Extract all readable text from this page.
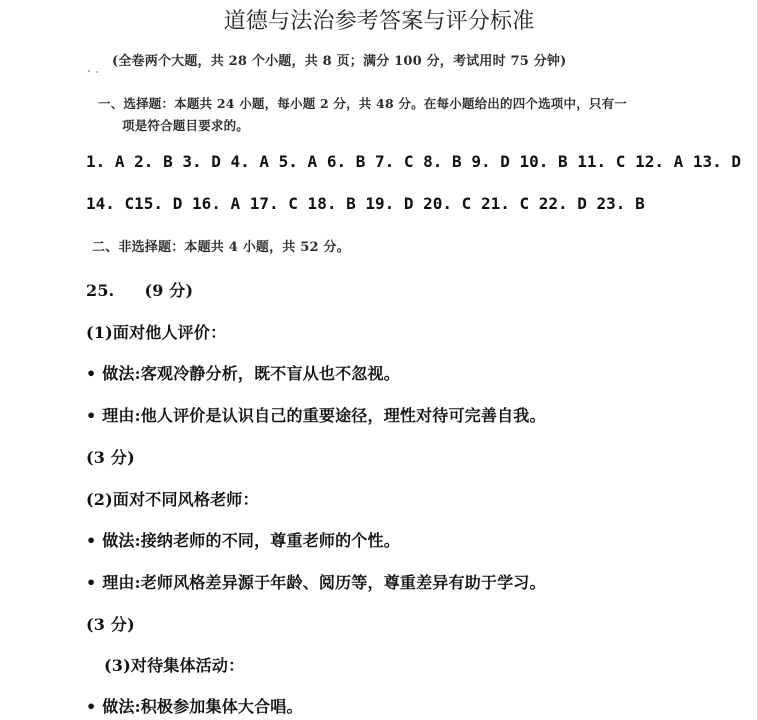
道德与法治参考答案与评分标准
(全卷两个大题，共 28 个小题，共 8 页；满分 100 分，考试用时 75 分钟)
一、选择题：本题共 24 小题，每小题 2 分，共 48 分。在每小题给出的四个选项中，只有一
项是符合题目要求的。
1. A 2. B 3. D 4. A 5. A 6. B 7. C 8. B 9. D 10. B 11. C 12. A 13. D
14. C15. D 16. A 17. C 18. B 19. D 20. C 21. C 22. D 23. B
二、非选择题：本题共 4 小题，共 52 分。
25. (9 分)
(1)面对他人评价：
• 做法:客观冷静分析，既不盲从也不忽视。
• 理由:他人评价是认识自己的重要途径，理性对待可完善自我。
(3 分)
(2)面对不同风格老师：
• 做法:接纳老师的不同，尊重老师的个性。
• 理由:老师风格差异源于年龄、阅历等，尊重差异有助于学习。
(3 分)
(3)对待集体活动：
• 做法:积极参加集体大合唱。
